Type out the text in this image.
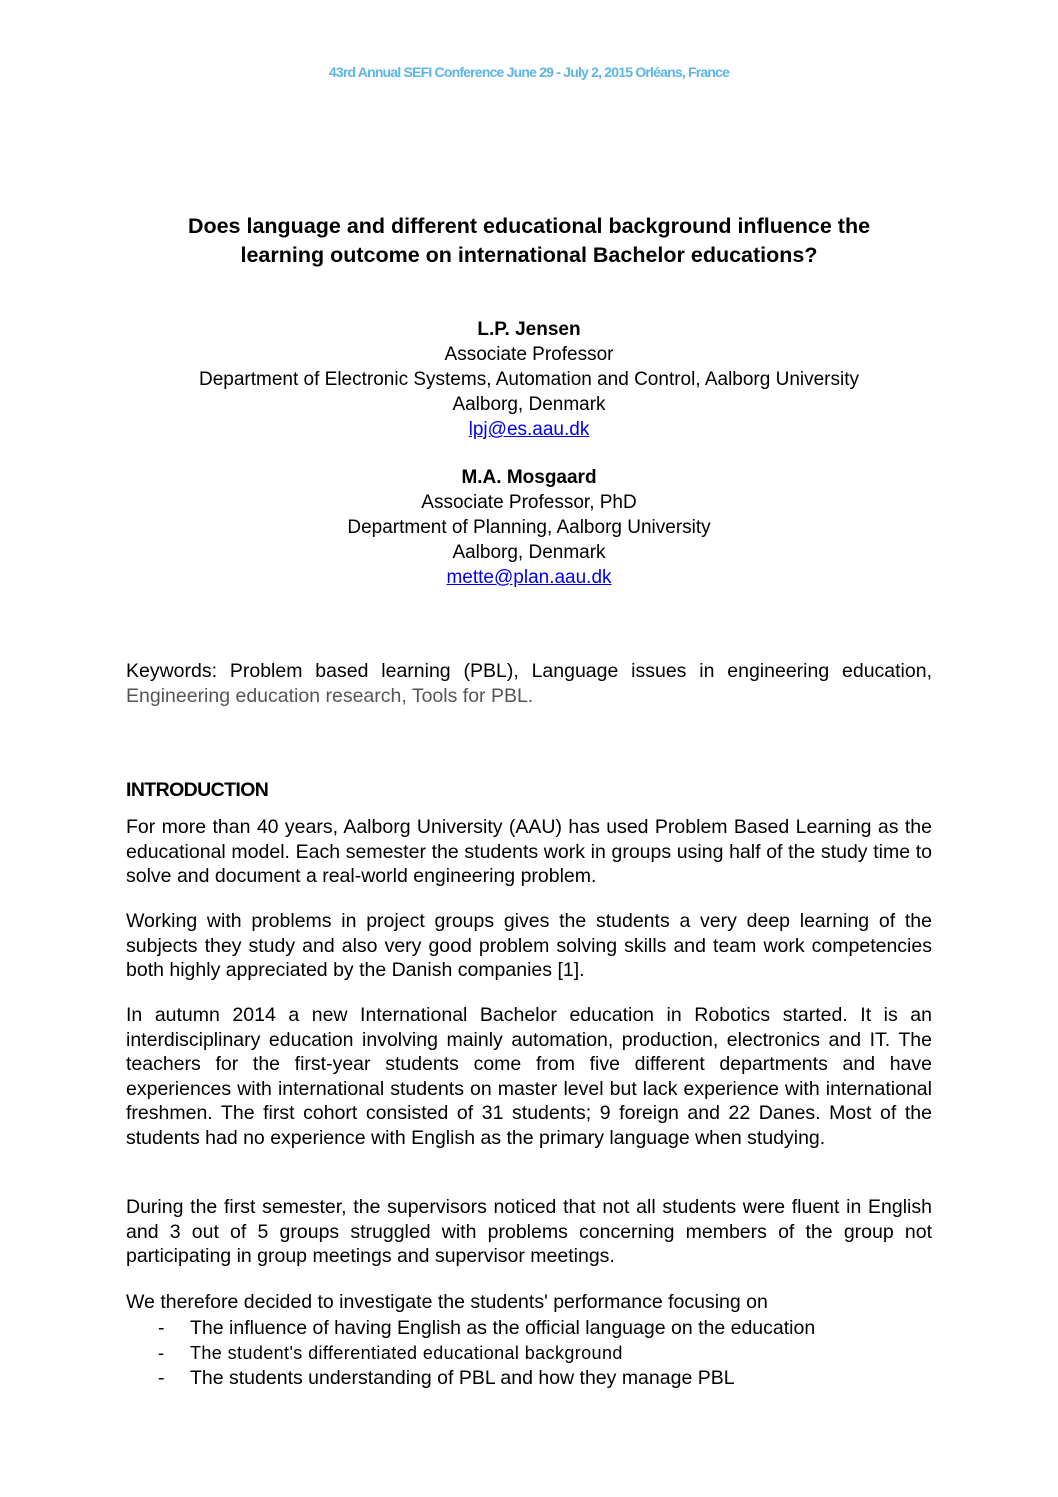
43rd Annual SEFI Conference June 29 - July 2, 2015 Orléans, France
Does language and different educational background influence the
learning outcome on international Bachelor educations?
L.P. Jensen
Associate Professor
Department of Electronic Systems, Automation and Control, Aalborg University
Aalborg, Denmark
lpj@es.aau.dk
M.A. Mosgaard
Associate Professor, PhD
Department of Planning, Aalborg University
Aalborg, Denmark
mette@plan.aau.dk

Keywords: Problem based learning (PBL), Language issues in engineering education, Engineering education research, Tools for PBL.

INTRODUCTION

For more than 40 years, Aalborg University (AAU) has used Problem Based Learning as the educational model. Each semester the students work in groups using half of the study time to solve and document a real-world engineering problem.

Working with problems in project groups gives the students a very deep learning of the subjects they study and also very good problem solving skills and team work competencies both highly appreciated by the Danish companies [1].

In autumn 2014 a new International Bachelor education in Robotics started. It is an interdisciplinary education involving mainly automation, production, electronics and IT. The teachers for the first-year students come from five different departments and have experiences with international students on master level but lack experience with international freshmen. The first cohort consisted of 31 students; 9 foreign and 22 Danes. Most of the students had no experience with English as the primary language when studying.

During the first semester, the supervisors noticed that not all students were fluent in English and 3 out of 5 groups struggled with problems concerning members of the group not participating in group meetings and supervisor meetings.

We therefore decided to investigate the students' performance focusing on

- The influence of having English as the official language on the education
- The student's differentiated educational background
- The students understanding of PBL and how they manage PBL
